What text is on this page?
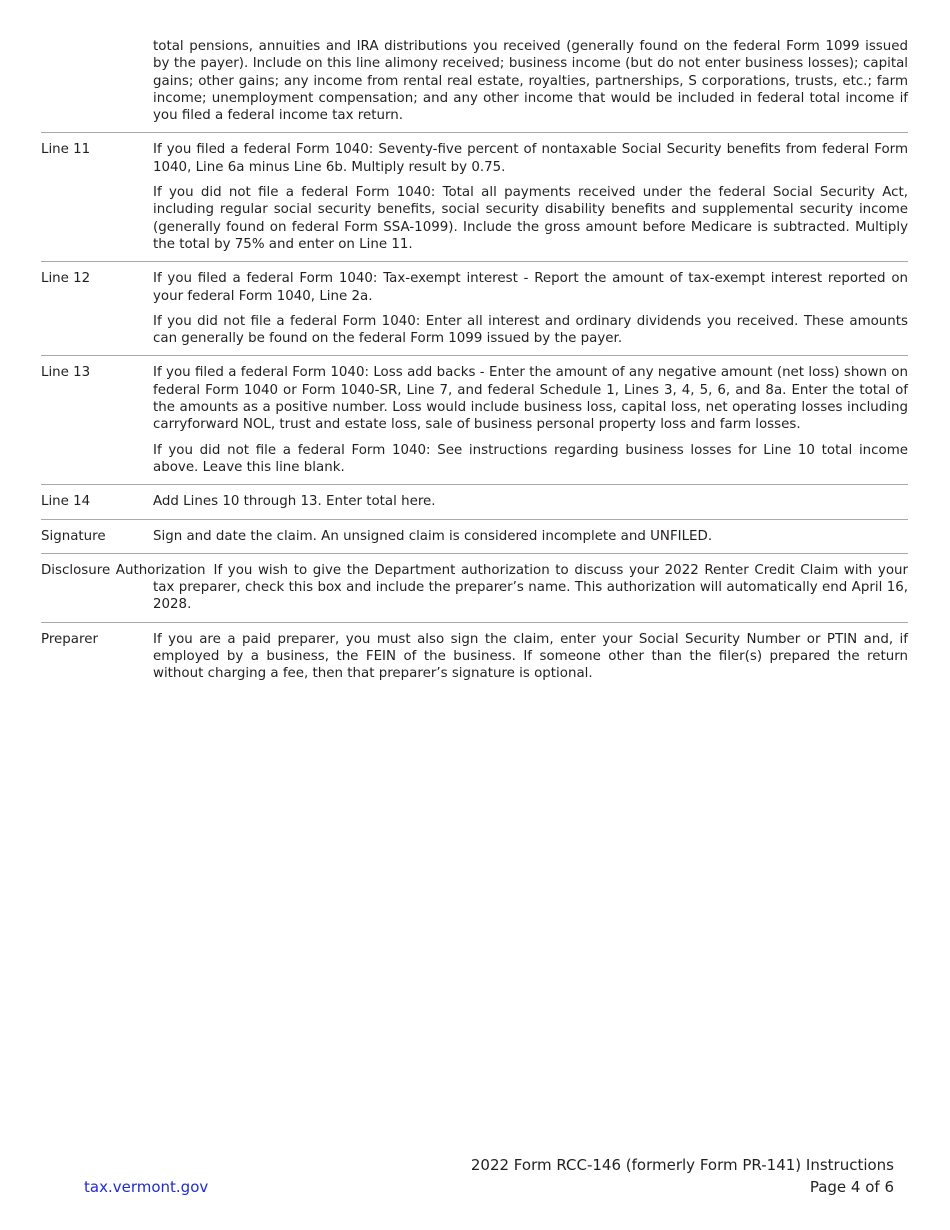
total pensions, annuities and IRA distributions you received (generally found on the federal Form 1099 issued by the payer). Include on this line alimony received; business income (but do not enter business losses); capital gains; other gains; any income from rental real estate, royalties, partnerships, S corporations, trusts, etc.; farm income; unemployment compensation; and any other income that would be included in federal total income if you filed a federal income tax return.

Line 11	If you filed a federal Form 1040: Seventy-five percent of nontaxable Social Security benefits from federal Form 1040, Line 6a minus Line 6b. Multiply result by 0.75.

If you did not file a federal Form 1040: Total all payments received under the federal Social Security Act, including regular social security benefits, social security disability benefits and supplemental security income (generally found on federal Form SSA-1099). Include the gross amount before Medicare is subtracted. Multiply the total by 75% and enter on Line 11.

Line 12	If you filed a federal Form 1040: Tax-exempt interest - Report the amount of tax-exempt interest reported on your federal Form 1040, Line 2a.

If you did not file a federal Form 1040: Enter all interest and ordinary dividends you received. These amounts can generally be found on the federal Form 1099 issued by the payer.

Line 13	If you filed a federal Form 1040: Loss add backs - Enter the amount of any negative amount (net loss) shown on federal Form 1040 or Form 1040-SR, Line 7, and federal Schedule 1, Lines 3, 4, 5, 6, and 8a. Enter the total of the amounts as a positive number. Loss would include business loss, capital loss, net operating losses including carryforward NOL, trust and estate loss, sale of business personal property loss and farm losses.

If you did not file a federal Form 1040: See instructions regarding business losses for Line 10 total income above. Leave this line blank.

Line 14	Add Lines 10 through 13. Enter total here.

Signature	Sign and date the claim. An unsigned claim is considered incomplete and UNFILED.

Disclosure Authorization If you wish to give the Department authorization to discuss your 2022 Renter Credit Claim with your tax preparer, check this box and include the preparer’s name. This authorization will automatically end April 16, 2028.
Preparer	If you are a paid preparer, you must also sign the claim, enter your Social Security Number or PTIN and, if employed by a business, the FEIN of the business. If someone other than the filer(s) prepared the return without charging a fee, then that preparer’s signature is optional.

2022 Form RCC-146 (formerly Form PR-141) Instructions
Page 4 of 6
tax.vermont.gov
